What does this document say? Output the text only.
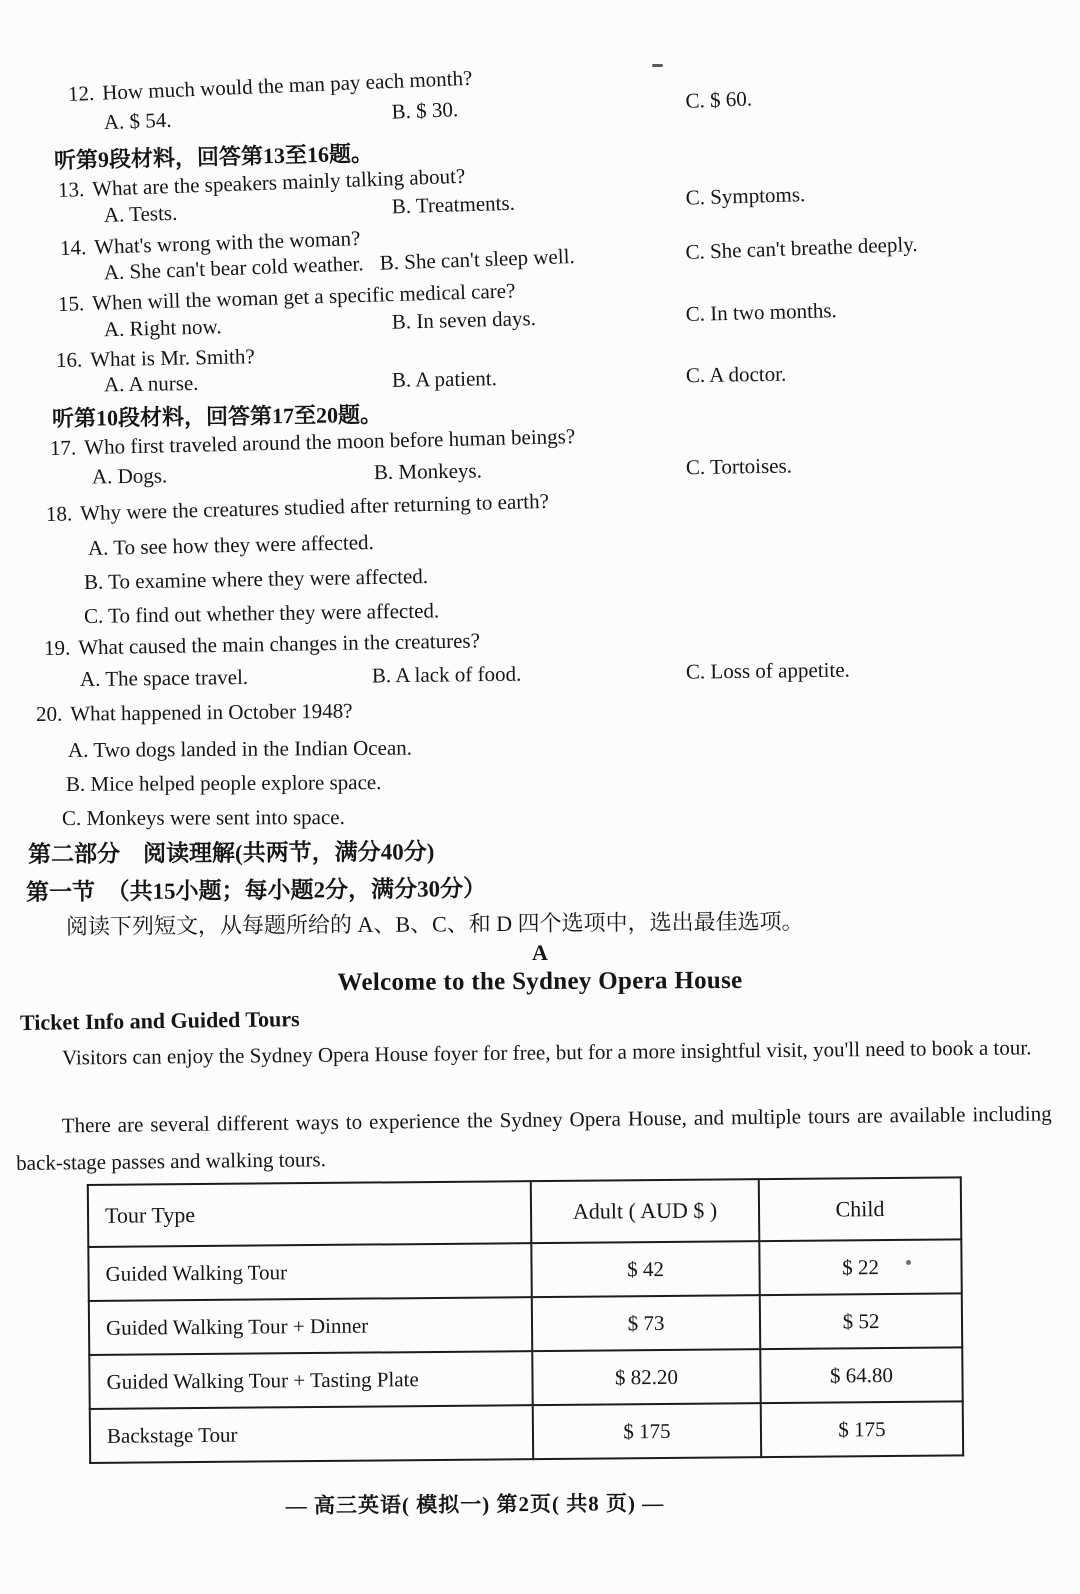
12. How much would the man pay each month?
A. $ 54.	B. $ 30.	C. $ 60.
听第9段材料，回答第13至16题。
13. What are the speakers mainly talking about?
A. Tests.	B. Treatments.	C. Symptoms.
14. What's wrong with the woman?
A. She can't bear cold weather. B. She can't sleep well.	C. She can't breathe deeply.
15. When will the woman get a specific medical care?
A. Right now.	B. In seven days.	C. In two months.
16. What is Mr. Smith?
A. A nurse.	B. A patient.	C. A doctor.
听第10段材料，回答第17至20题。
17. Who first traveled around the moon before human beings?
A. Dogs.	B. Monkeys.	C. Tortoises.
18. Why were the creatures studied after returning to earth?
A. To see how they were affected.
B. To examine where they were affected.
C. To find out whether they were affected.
19. What caused the main changes in the creatures?
A. The space travel.	B. A lack of food.	C. Loss of appetite.
20. What happened in October 1948?
A. Two dogs landed in the Indian Ocean.
B. Mice helped people explore space.
C. Monkeys were sent into space.
第二部分　阅读理解(共两节，满分40分)
第一节　（共15小题；每小题2分，满分30分）
阅读下列短文，从每题所给的 A、B、C、和 D 四个选项中，选出最佳选项。
A
Welcome to the Sydney Opera House
Ticket Info and Guided Tours
Visitors can enjoy the Sydney Opera House foyer for free, but for a more insightful visit, you'll need to book a tour.
There are several different ways to experience the Sydney Opera House, and multiple tours are available including back-stage passes and walking tours.
Tour Type	Adult ( AUD $ )	Child
Guided Walking Tour	$ 42	$ 22
Guided Walking Tour + Dinner	$ 73	$ 52
Guided Walking Tour + Tasting Plate	$ 82.20	$ 64.80
Backstage Tour	$ 175	$ 175
— 高三英语( 模拟一) 第2页( 共8 页) —
